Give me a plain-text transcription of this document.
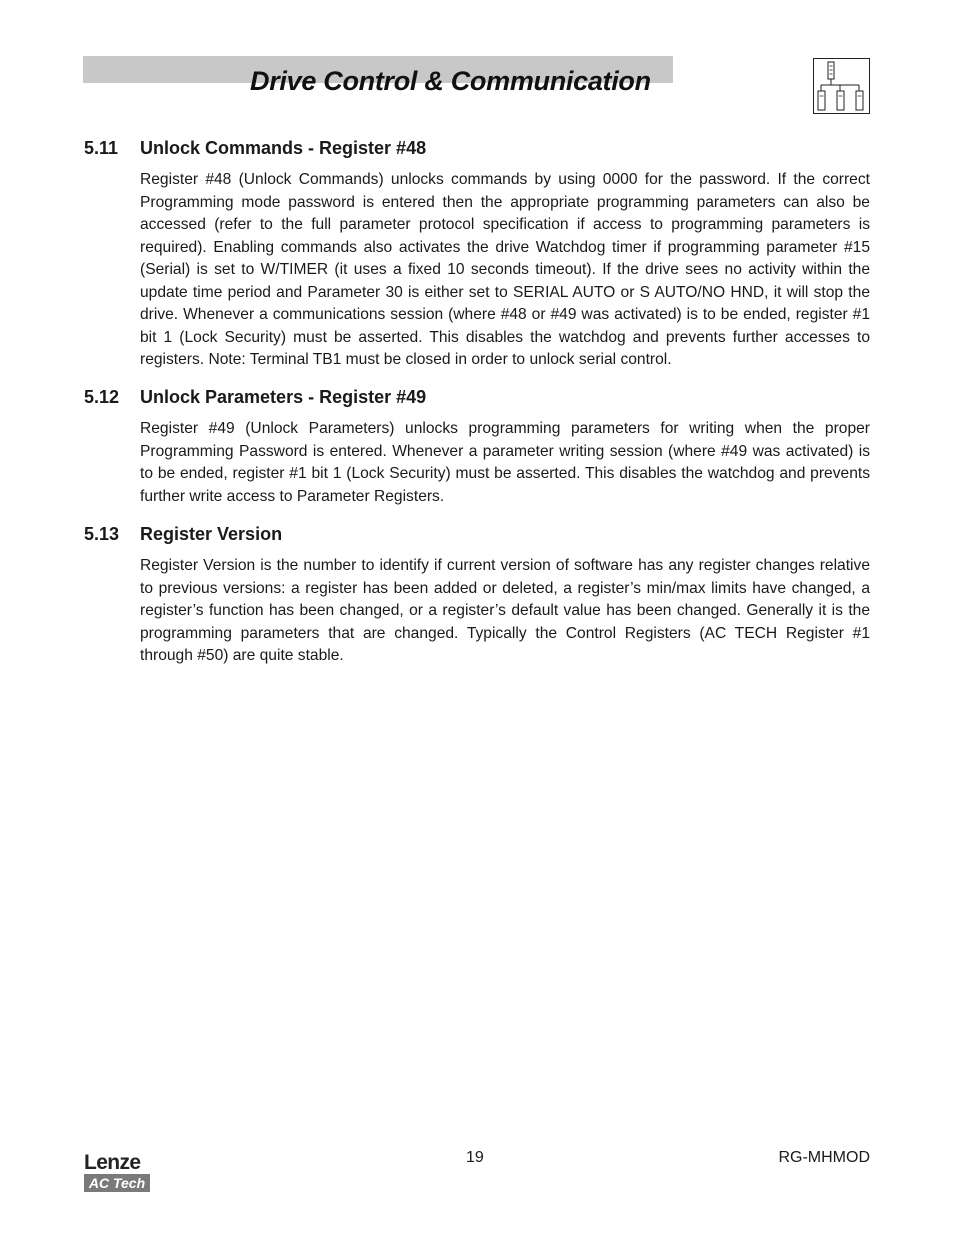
Drive Control & Communication
5.11 Unlock Commands - Register #48

Register #48 (Unlock Commands) unlocks commands by using 0000 for the password. If the correct Programming mode password is entered then the appropriate programming parameters can also be accessed (refer to the full parameter protocol specification if access to programming parameters is required). Enabling commands also activates the drive Watchdog timer if programming parameter #15 (Serial) is set to W/TIMER (it uses a fixed 10 seconds timeout). If the drive sees no activity within the update time period and Parameter 30 is either set to SERIAL AUTO or S AUTO/NO HND, it will stop the drive. Whenever a communications session (where #48 or #49 was activated) is to be ended, register #1 bit 1 (Lock Security) must be asserted. This disables the watchdog and prevents further accesses to registers. Note: Terminal TB1 must be closed in order to unlock serial control.

5.12 Unlock Parameters - Register #49

Register #49 (Unlock Parameters) unlocks programming parameters for writing when the proper Programming Password is entered. Whenever a parameter writing session (where #49 was activated) is to be ended, register #1 bit 1 (Lock Security) must be asserted. This disables the watchdog and prevents further write access to Parameter Registers.

5.13 Register Version

Register Version is the number to identify if current version of software has any register changes relative to previous versions: a register has been added or deleted, a register’s min/max limits have changed, a register’s function has been changed, or a register’s default value has been changed. Generally it is the programming parameters that are changed. Typically the Control Registers (AC TECH Register #1 through #50) are quite stable.

Lenze
AC Tech
19	RG-MHMOD
